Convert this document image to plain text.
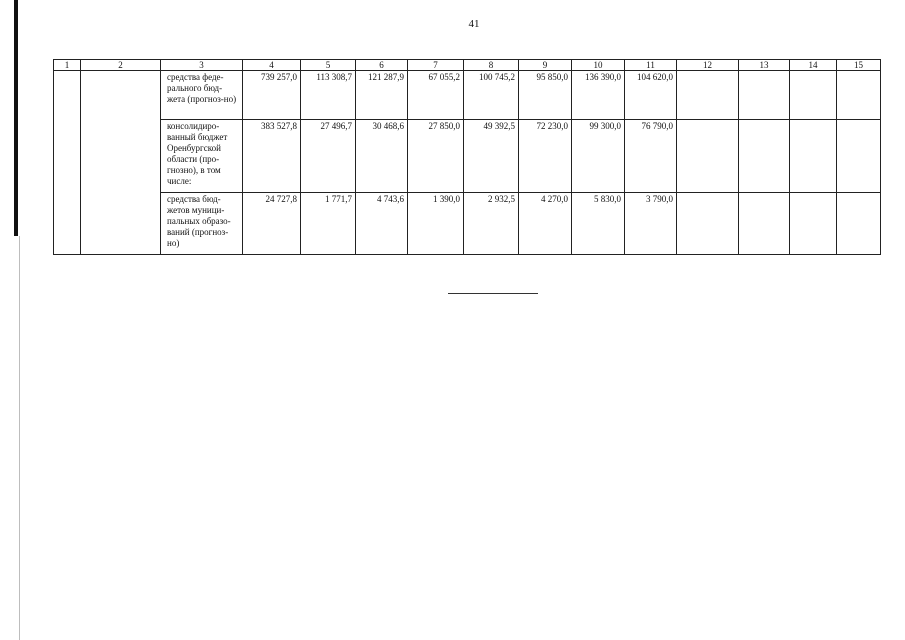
41
1	2	3	4	5	6	7	8	9	10	11	12	13	14	15
		средства феде-рального бюд-жета (прогноз-но)	739 257,0	113 308,7	121 287,9	67 055,2	100 745,2	95 850,0	136 390,0	104 620,0				
		консолидиро-ванный бюджет Оренбургской области (про-гнозно), в том числе:	383 527,8	27 496,7	30 468,6	27 850,0	49 392,5	72 230,0	99 300,0	76 790,0				
		средства бюд-жетов муници-пальных образо-ваний (прогноз-но)	24 727,8	1 771,7	4 743,6	1 390,0	2 932,5	4 270,0	5 830,0	3 790,0				
